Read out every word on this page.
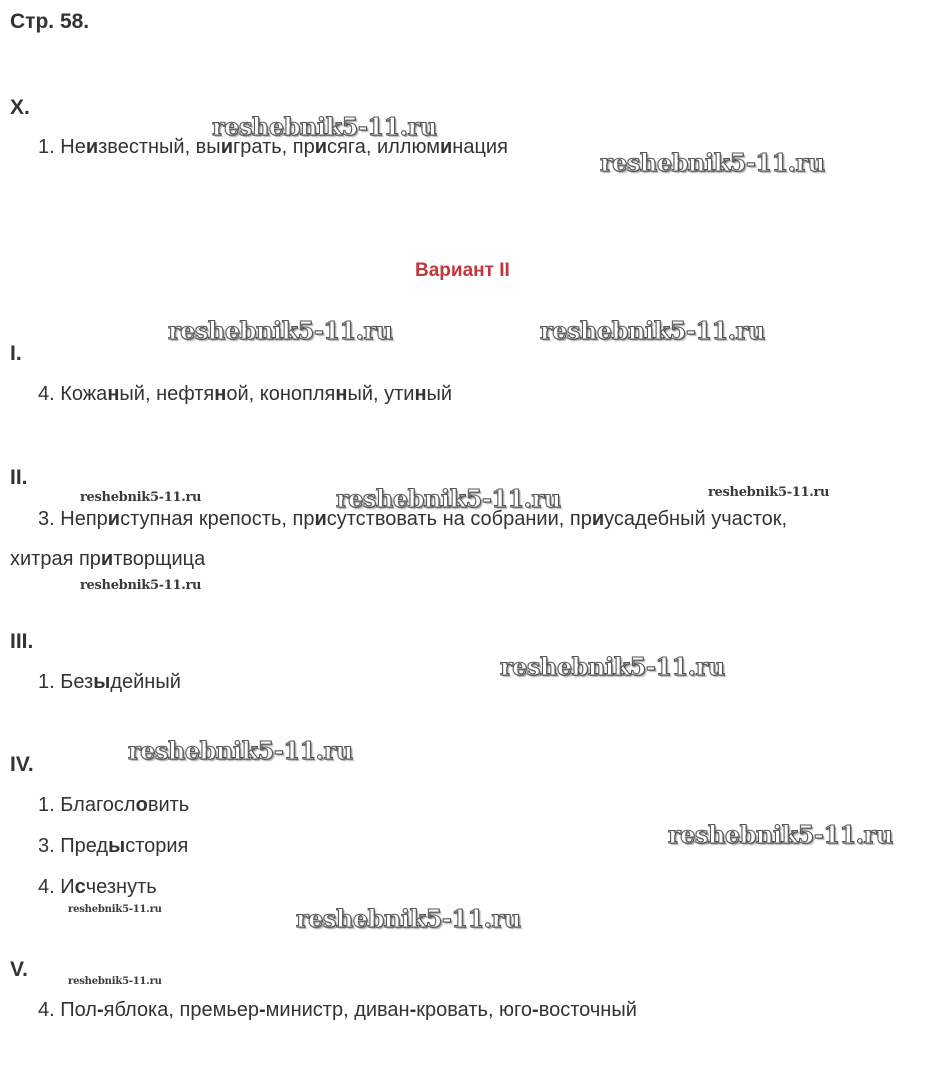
Стр. 58.
X.
1. Неизвестный, выиграть, присяга, иллюминация
Вариант II
I.
4. Кожаный, нефтяной, конопляный, утиный
II.
3. Неприступная крепость, присутствовать на собрании, приусадебный участок,
хитрая притворщица
III.
1. Безыдейный
IV.
1. Благословить
3. Предыстория
4. Исчезнуть
V.
4. Пол-яблока, премьер-министр, диван-кровать, юго-восточный
reshebnik5-11.ru
reshebnik5-11.ru
reshebnik5-11.ru	reshebnik5-11.ru
reshebnik5-11.ru	reshebnik5-11.ru	reshebnik5-11.ru
reshebnik5-11.ru
reshebnik5-11.ru
reshebnik5-11.ru
reshebnik5-11.ru
reshebnik5-11.ru	reshebnik5-11.ru
reshebnik5-11.ru
